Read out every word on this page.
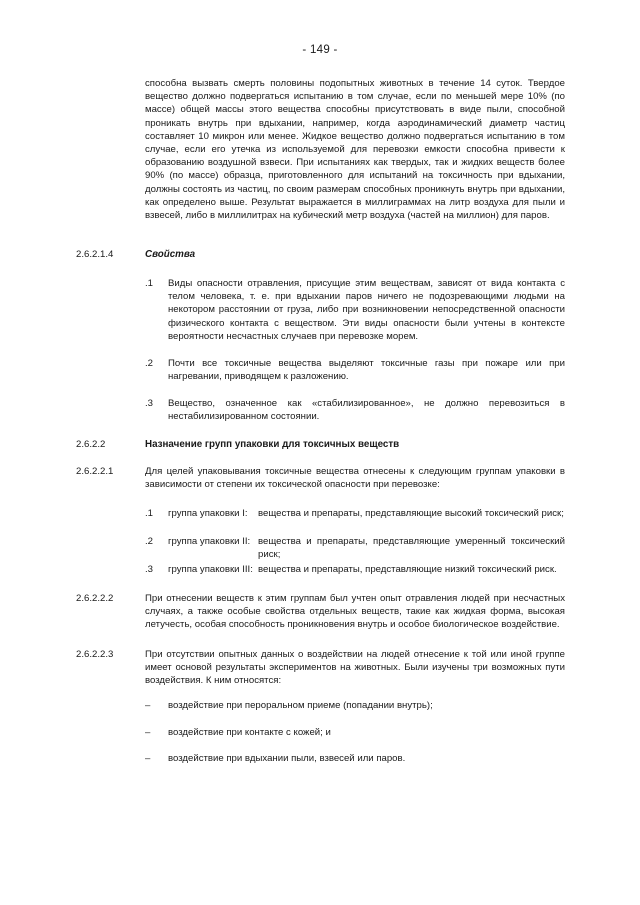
- 149 -
способна вызвать смерть половины подопытных животных в течение 14 суток. Твердое вещество должно подвергаться испытанию в том случае, если по меньшей мере 10% (по массе) общей массы этого вещества способны присутствовать в виде пыли, способной проникать внутрь при вдыхании, например, когда аэродинамический диаметр частиц составляет 10 микрон или менее. Жидкое вещество должно подвергаться испытанию в том случае, если его утечка из используемой для перевозки емкости способна привести к образованию воздушной взвеси. При испытаниях как твердых, так и жидких веществ более 90% (по массе) образца, приготовленного для испытаний на токсичность при вдыхании, должны состоять из частиц, по своим размерам способных проникнуть внутрь при вдыхании, как определено выше. Результат выражается в миллиграммах на литр воздуха для пыли и взвесей, либо в миллилитрах на кубический метр воздуха (частей на миллион) для паров.
2.6.2.1.4	Свойства
.1 Виды опасности отравления, присущие этим веществам, зависят от вида контакта с телом человека, т. е. при вдыхании паров ничего не подозревающими людьми на некотором расстоянии от груза, либо при возникновении непосредственной опасности физического контакта с веществом. Эти виды опасности были учтены в контексте вероятности несчастных случаев при перевозке морем.
.2 Почти все токсичные вещества выделяют токсичные газы при пожаре или при нагревании, приводящем к разложению.
.3 Вещество, означенное как «стабилизированное», не должно перевозиться в нестабилизированном состоянии.
2.6.2.2	Назначение групп упаковки для токсичных веществ
2.6.2.2.1	Для целей упаковывания токсичные вещества отнесены к следующим группам упаковки в зависимости от степени их токсической опасности при перевозке:
.1 группа упаковки I:	вещества и препараты, представляющие высокий токсический риск;
.2 группа упаковки II: вещества и препараты, представляющие умеренный токсический риск;
.3 группа упаковки III: вещества и препараты, представляющие низкий токсический риск.
2.6.2.2.2	При отнесении веществ к этим группам был учтен опыт отравления людей при несчастных случаях, а также особые свойства отдельных веществ, такие как жидкая форма, высокая летучесть, особая способность проникновения внутрь и особое биологическое воздействие.
2.6.2.2.3	При отсутствии опытных данных о воздействии на людей отнесение к той или иной группе имеет основой результаты экспериментов на животных. Были изучены три возможных пути воздействия. К ним относятся:
– воздействие при пероральном приеме (попадании внутрь);
– воздействие при контакте с кожей; и
– воздействие при вдыхании пыли, взвесей или паров.
